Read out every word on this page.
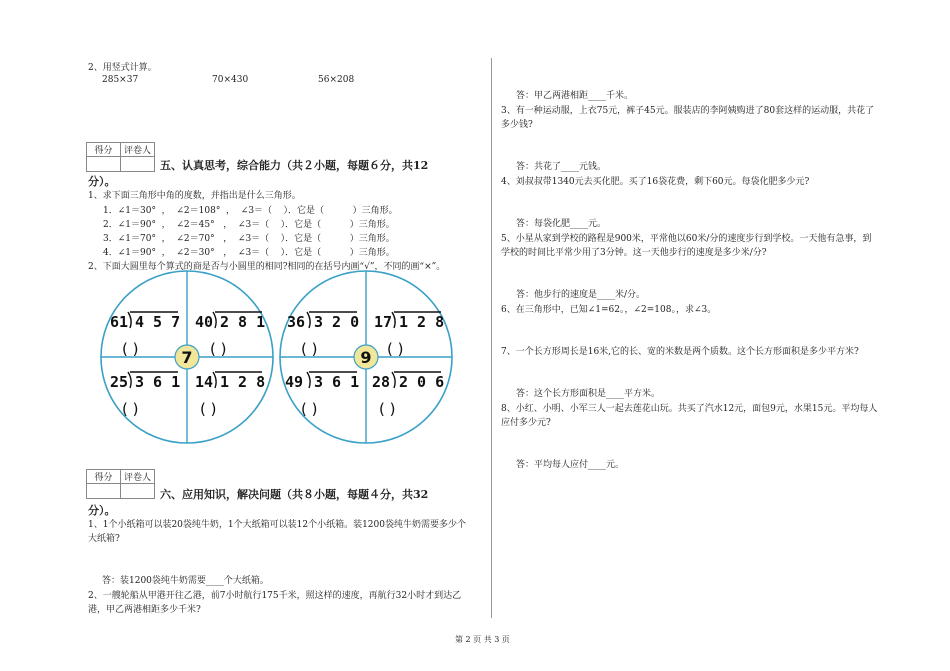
2、用竖式计算。
285×37	70×430	56×208
得分	评卷人

五、认真思考，综合能力（共２小题，每题６分，共12
分）。
1、求下面三角形中角的度数，并指出是什么三角形。
1．∠1＝30°  ，  ∠2＝108°  ，  ∠3＝（    ）．它是（          ）三角形。
2．∠1＝90°  ，  ∠2＝45°   ，  ∠3＝（    ）．它是（          ）三角形。
3．∠1＝70°  ，  ∠2＝70°   ，  ∠3＝（    ）．它是（          ）三角形。
4．∠1＝90°  ，  ∠2＝30°   ，  ∠3＝（    ）．它是（          ）三角形。
2、下面大圆里每个算式的商是否与小圆里的相同?相同的在括号内画“√”，不同的画“×”。
7
61 4 5 7 40 2 8 1
25 3 6 1 14 1 2 8
( )	( )
( )	( )
9
36 3 2 0 17 1 2 8
49 3 6 1 28 2 0 6
( )	( )
( )	( )
得分	评卷人

六、应用知识，解决问题（共８小题，每题４分，共32
分）。
1、1个小纸箱可以装20袋纯牛奶，1个大纸箱可以装12个小纸箱。装1200袋纯牛奶需要多少个
大纸箱?
答：装1200袋纯牛奶需要____个大纸箱。
2、一艘轮船从甲港开往乙港，前7小时航行175千米，照这样的速度，再航行32小时才到达乙
港，甲乙两港相距多少千米?
答：甲乙两港相距____千米。
3、有一种运动服，上衣75元，裤子45元。服装店的李阿姨购进了80套这样的运动服，共花了
多少钱?
答：共花了____元钱。
4、刘叔叔带1340元去买化肥。买了16袋花费，剩下60元。每袋化肥多少元?
答：每袋化肥____元。
5、小星从家到学校的路程是900米，平常他以60米/分的速度步行到学校。一天他有急事，到
学校的时间比平常少用了3分钟。这一天他步行的速度是多少米/分?
答：他步行的速度是____米/分。
6、在三角形中，已知∠1=62。，∠2=108。，求∠3。
7、一个长方形周长是16米,它的长、宽的米数是两个质数。这个长方形面积是多少平方米?
答：这个长方形面积是____平方米。
8、小红、小明、小军三人一起去莲花山玩。共买了汽水12元，面包9元，水果15元。平均每人
应付多少元?
答：平均每人应付____元。
第 2 页 共 3 页
